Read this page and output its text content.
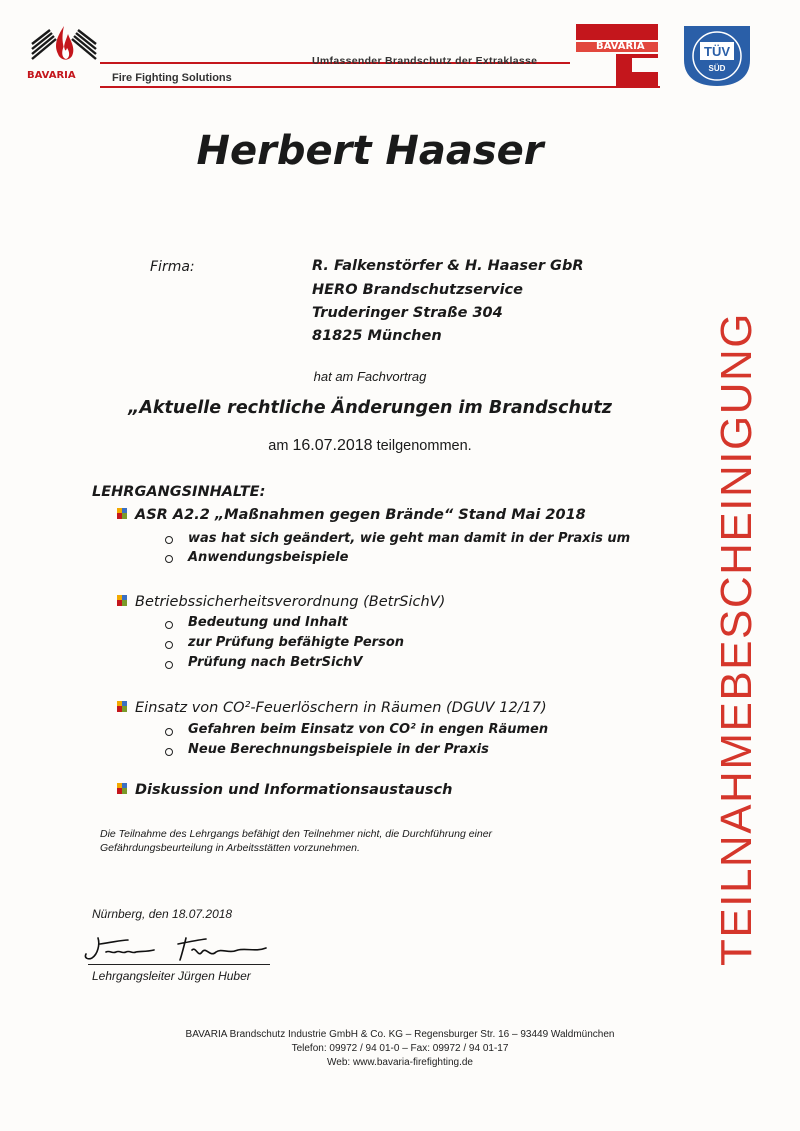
BAVARIA	Fire Fighting Solutions
Umfassender Brandschutz der Extraklasse
BAVARIA	TÜV
SÜD
TEILNAHMEBESCHEINIGUNG
Herbert Haaser
Firma:	R. Falkenstörfer & H. Haaser GbR
HERO Brandschutzservice
Truderinger Straße 304
81825 München
hat am Fachvortrag
„Aktuelle rechtliche Änderungen im Brandschutz
am 16.07.2018 teilgenommen.
LEHRGANGSINHALTE:
ASR A2.2 „Maßnahmen gegen Brände“ Stand Mai 2018
was hat sich geändert, wie geht man damit in der Praxis um
Anwendungsbeispiele
Betriebssicherheitsverordnung (BetrSichV)
Bedeutung und Inhalt
zur Prüfung befähigte Person
Prüfung nach BetrSichV
Einsatz von CO²-Feuerlöschern in Räumen (DGUV 12/17)
Gefahren beim Einsatz von CO² in engen Räumen
Neue Berechnungsbeispiele in der Praxis
Diskussion und Informationsaustausch
Die Teilnahme des Lehrgangs befähigt den Teilnehmer nicht, die Durchführung einer
Gefährdungsbeurteilung in Arbeitsstätten vorzunehmen.
Nürnberg, den 18.07.2018
Lehrgangsleiter Jürgen Huber
BAVARIA Brandschutz Industrie GmbH & Co. KG – Regensburger Str. 16 – 93449 Waldmünchen
Telefon: 09972 / 94 01-0 – Fax: 09972 / 94 01-17
Web: www.bavaria-firefighting.de
